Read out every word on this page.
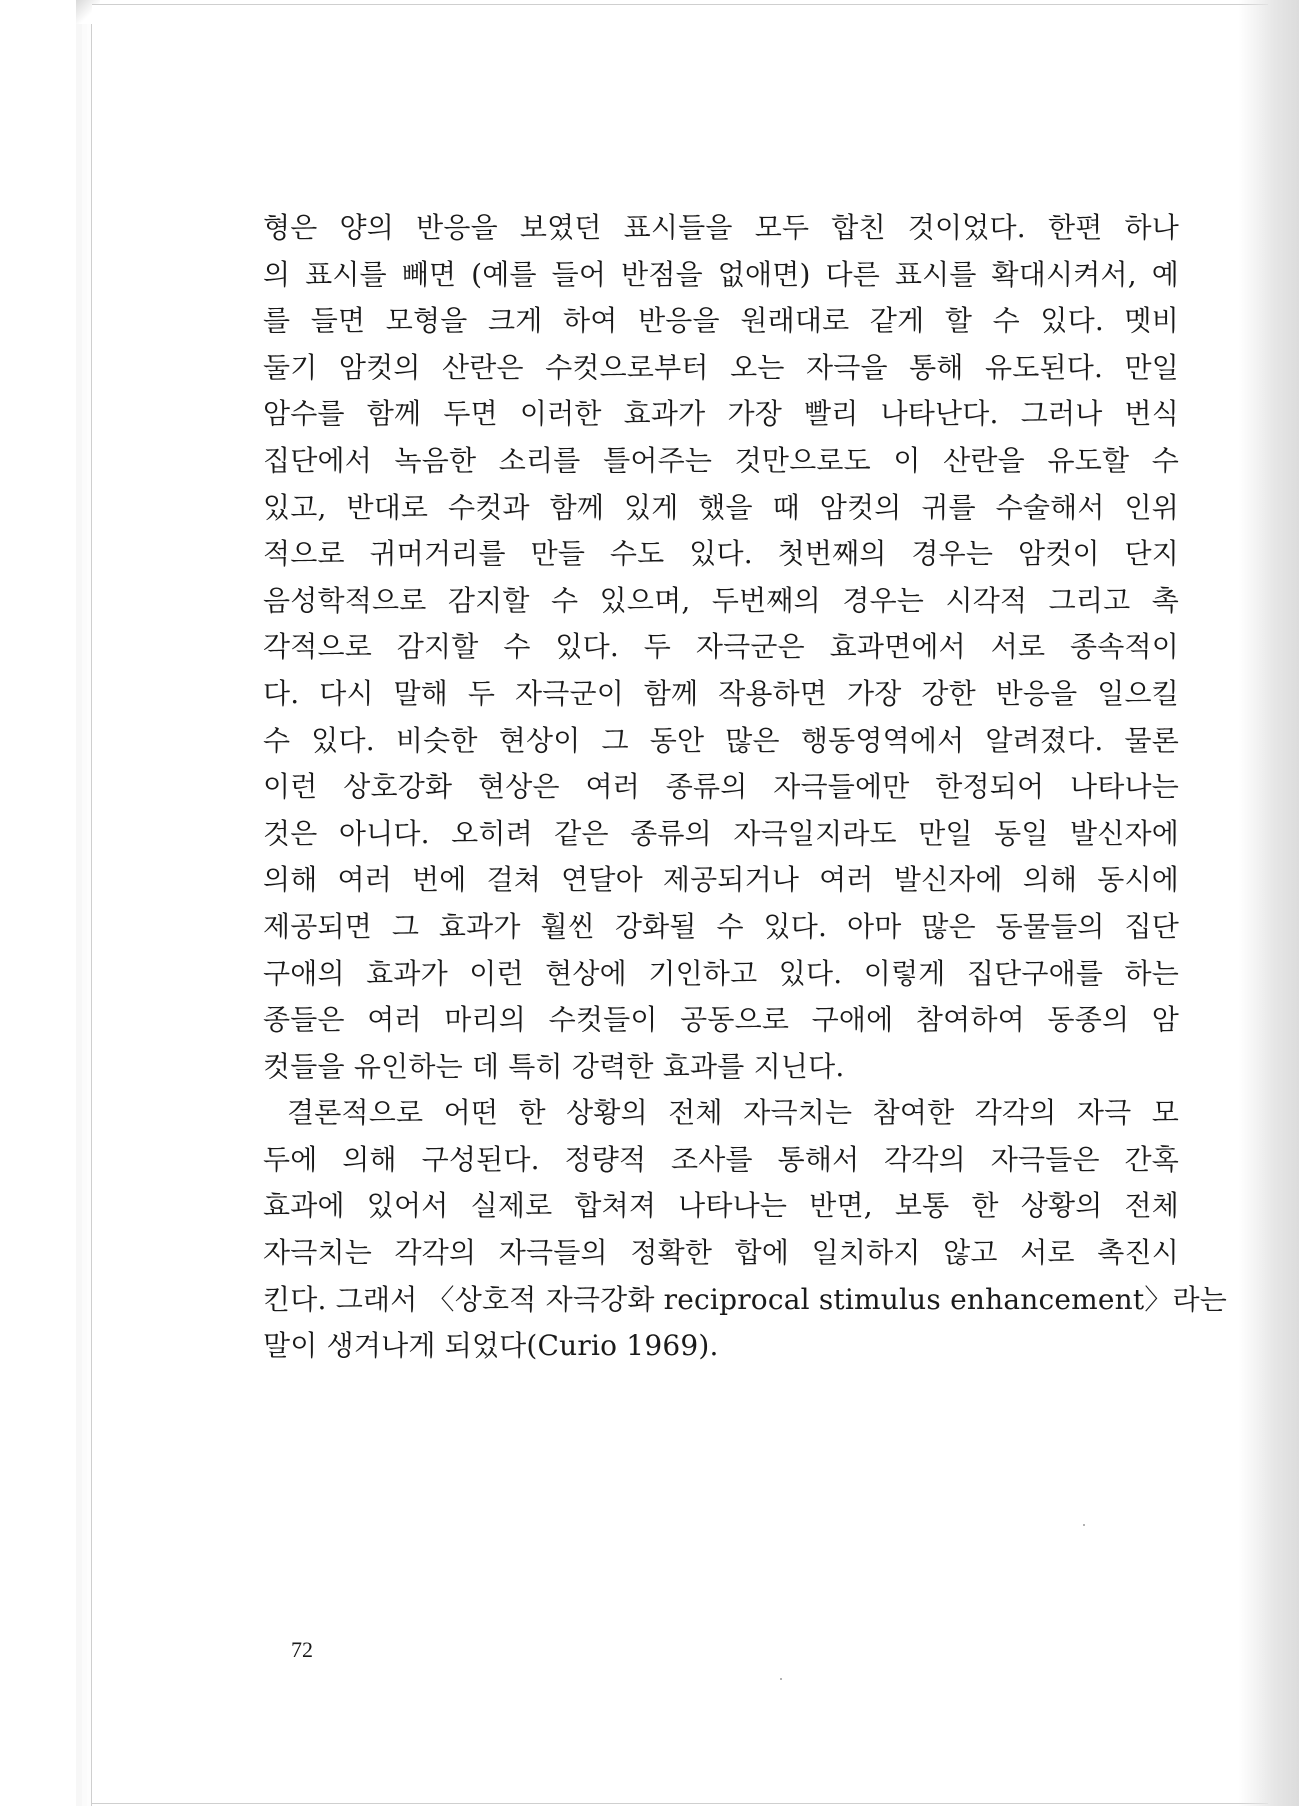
형은 양의 반응을 보였던 표시들을 모두 합친 것이었다. 한편 하나
의 표시를 빼면 (예를 들어 반점을 없애면) 다른 표시를 확대시켜서, 예
를 들면 모형을 크게 하여 반응을 원래대로 같게 할 수 있다. 멧비
둘기 암컷의 산란은 수컷으로부터 오는 자극을 통해 유도된다. 만일
암수를 함께 두면 이러한 효과가 가장 빨리 나타난다. 그러나 번식
집단에서 녹음한 소리를 틀어주는 것만으로도 이 산란을 유도할 수
있고, 반대로 수컷과 함께 있게 했을 때 암컷의 귀를 수술해서 인위
적으로 귀머거리를 만들 수도 있다. 첫번째의 경우는 암컷이 단지
음성학적으로 감지할 수 있으며, 두번째의 경우는 시각적 그리고 촉
각적으로 감지할 수 있다. 두 자극군은 효과면에서 서로 종속적이
다. 다시 말해 두 자극군이 함께 작용하면 가장 강한 반응을 일으킬
수 있다. 비슷한 현상이 그 동안 많은 행동영역에서 알려졌다. 물론
이런 상호강화 현상은 여러 종류의 자극들에만 한정되어 나타나는
것은 아니다. 오히려 같은 종류의 자극일지라도 만일 동일 발신자에
의해 여러 번에 걸쳐 연달아 제공되거나 여러 발신자에 의해 동시에
제공되면 그 효과가 훨씬 강화될 수 있다. 아마 많은 동물들의 집단
구애의 효과가 이런 현상에 기인하고 있다. 이렇게 집단구애를 하는
종들은 여러 마리의 수컷들이 공동으로 구애에 참여하여 동종의 암
컷들을 유인하는 데 특히 강력한 효과를 지닌다.
결론적으로 어떤 한 상황의 전체 자극치는 참여한 각각의 자극 모
두에 의해 구성된다. 정량적 조사를 통해서 각각의 자극들은 간혹
효과에 있어서 실제로 합쳐져 나타나는 반면, 보통 한 상황의 전체
자극치는 각각의 자극들의 정확한 합에 일치하지 않고 서로 촉진시
킨다. 그래서 〈상호적 자극강화 reciprocal stimulus enhancement〉라는
말이 생겨나게 되었다(Curio 1969).
72
